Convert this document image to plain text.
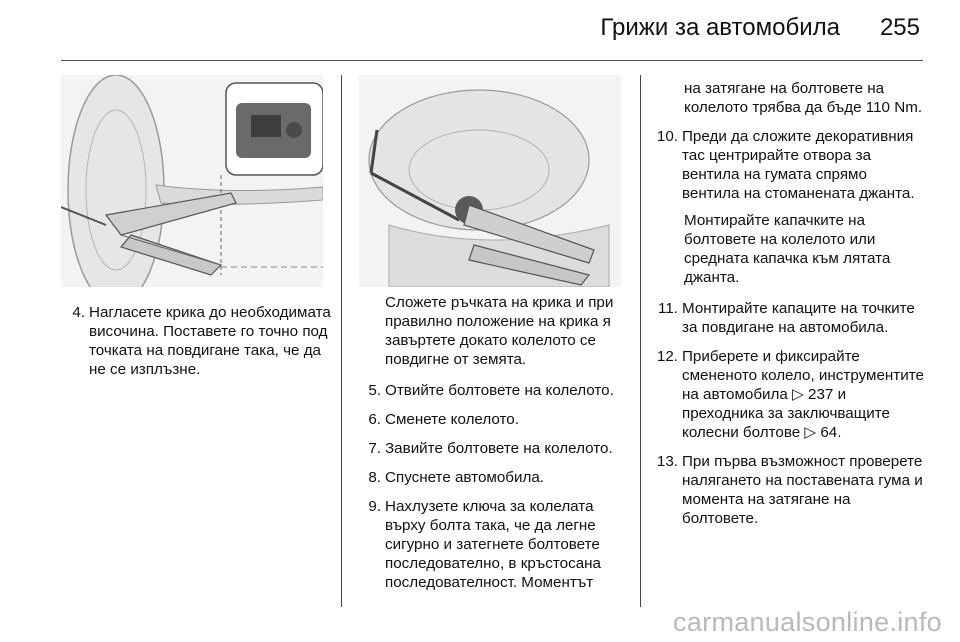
Грижи за автомобила 255
4. Нагласете крика до необходимата височина. Поставете го точно под точката на повдигане така, че да не се изплъзне.

Сложете ръчката на крика и при правилно положение на крика я завъртете докато колелото се повдигне от земята.

5. Отвийте болтовете на колелото.
6. Сменете колелото.
7. Завийте болтовете на колелото.
8. Спуснете автомобила.
9. Нахлузете ключа за колелата върху болта така, че да легне сигурно и затегнете болтовете последователно, в кръстосана последователност. Моментът

на затягане на болтовете на колелото трябва да бъде 110 Nm.

10. Преди да сложите декоративния тас центрирайте отвора за вентила на гумата спрямо вентила на стоманената джанта.

Монтирайте капачките на болтовете на колелото или средната капачка към лятата джанта.

11. Монтирайте капаците на точките за повдигане на автомобила.
12. Приберете и фиксирайте смененото колело, инструментите на автомобила ▷ 237 и преходника за заключващите колесни болтове ▷ 64.
13. При първа възможност проверете налягането на поставената гума и момента на затягане на болтовете.
carmanualsonline.info
